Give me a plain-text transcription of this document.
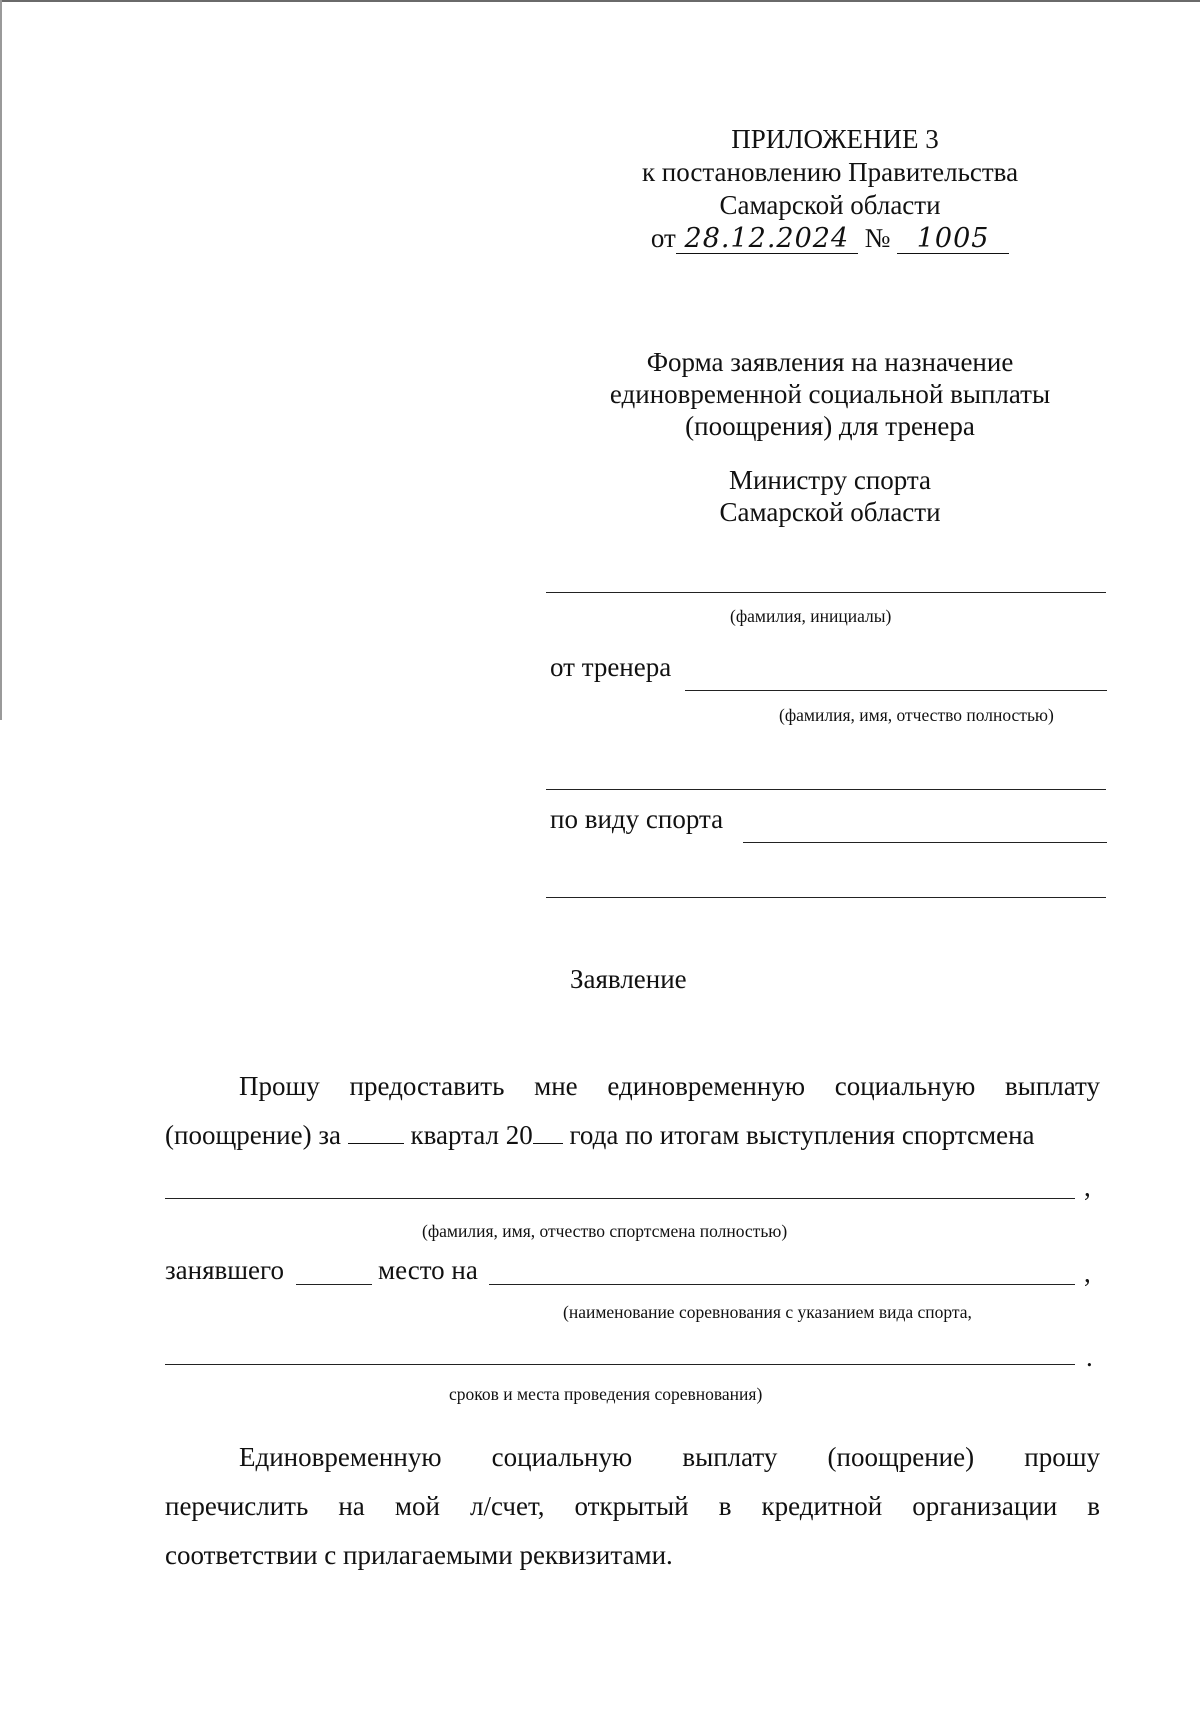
ПРИЛОЖЕНИЕ 3
к постановлению Правительства
Самарской области
от 28.12.2024 № 1005
Форма заявления на назначение
единовременной социальной выплаты
(поощрения) для тренера
Министру спорта
Самарской области
(фамилия, инициалы)
от тренера
(фамилия, имя, отчество полностью)
по виду спорта
Заявление
Прошу предоставить мне единовременную социальную выплату
(поощрение) за	квартал 20 года по итогам выступления спортсмена
,
(фамилия, имя, отчество спортсмена полностью)
занявшего	место на	,
(наименование соревнования с указанием вида спорта,
.
сроков и места проведения соревнования)
Единовременную социальную выплату (поощрение) прошу
перечислить на мой л/счет, открытый в кредитной организации в
соответствии с прилагаемыми реквизитами.
